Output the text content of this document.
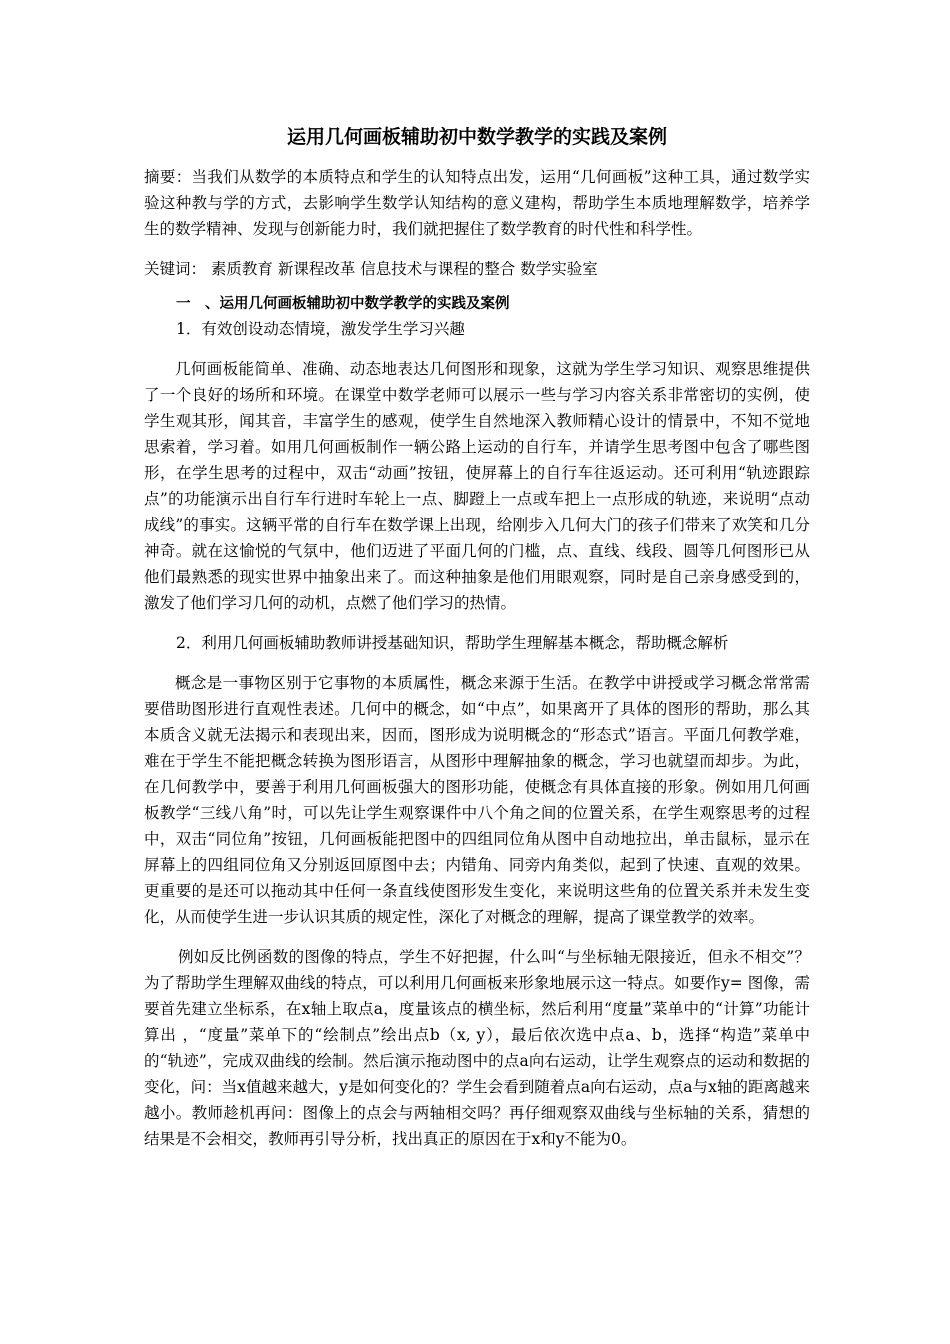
运用几何画板辅助初中数学教学的实践及案例

摘要：当我们从数学的本质特点和学生的认知特点出发，运用“几何画板”这种工具，通过数学实验这种教与学的方式，去影响学生数学认知结构的意义建构，帮助学生本质地理解数学，培养学生的数学精神、发现与创新能力时，我们就把握住了数学教育的时代性和科学性。

关键词： 素质教育 新课程改革 信息技术与课程的整合 数学实验室

一　、运用几何画板辅助初中数学教学的实践及案例

1．有效创设动态情境，激发学生学习兴趣

几何画板能简单、准确、动态地表达几何图形和现象，这就为学生学习知识、观察思维提供了一个良好的场所和环境。在课堂中数学老师可以展示一些与学习内容关系非常密切的实例，使学生观其形，闻其音，丰富学生的感观，使学生自然地深入教师精心设计的情景中，不知不觉地思索着，学习着。如用几何画板制作一辆公路上运动的自行车，并请学生思考图中包含了哪些图形，在学生思考的过程中，双击“动画”按钮，使屏幕上的自行车往返运动。还可利用“轨迹跟踪点”的功能演示出自行车行进时车轮上一点、脚蹬上一点或车把上一点形成的轨迹，来说明“点动成线”的事实。这辆平常的自行车在数学课上出现，给刚步入几何大门的孩子们带来了欢笑和几分神奇。就在这愉悦的气氛中，他们迈进了平面几何的门槛，点、直线、线段、圆等几何图形已从他们最熟悉的现实世界中抽象出来了。而这种抽象是他们用眼观察，同时是自己亲身感受到的，激发了他们学习几何的动机，点燃了他们学习的热情。

2．利用几何画板辅助教师讲授基础知识，帮助学生理解基本概念，帮助概念解析

概念是一事物区别于它事物的本质属性，概念来源于生活。在教学中讲授或学习概念常常需要借助图形进行直观性表述。几何中的概念，如“中点”，如果离开了具体的图形的帮助，那么其本质含义就无法揭示和表现出来，因而，图形成为说明概念的“形态式”语言。平面几何教学难，难在于学生不能把概念转换为图形语言，从图形中理解抽象的概念，学习也就望而却步。为此，在几何教学中，要善于利用几何画板强大的图形功能，使概念有具体直接的形象。例如用几何画板教学“三线八角”时，可以先让学生观察课件中八个角之间的位置关系，在学生观察思考的过程中，双击“同位角”按钮，几何画板能把图中的四组同位角从图中自动地拉出，单击鼠标，显示在屏幕上的四组同位角又分别返回原图中去；内错角、同旁内角类似，起到了快速、直观的效果。更重要的是还可以拖动其中任何一条直线使图形发生变化，来说明这些角的位置关系并未发生变化，从而使学生进一步认识其质的规定性，深化了对概念的理解，提高了课堂教学的效率。

例如反比例函数的图像的特点，学生不好把握，什么叫“与坐标轴无限接近，但永不相交”？为了帮助学生理解双曲线的特点，可以利用几何画板来形象地展示这一特点。如要作y= 图像，需要首先建立坐标系，在x轴上取点a，度量该点的横坐标，然后利用“度量”菜单中的“计算”功能计算出 ，“度量”菜单下的“绘制点”绘出点b（x, y），最后依次选中点a、b，选择“构造”菜单中的“轨迹”，完成双曲线的绘制。然后演示拖动图中的点a向右运动，让学生观察点的运动和数据的变化，问：当x值越来越大，y是如何变化的？学生会看到随着点a向右运动，点a与x轴的距离越来越小。教师趁机再问：图像上的点会与两轴相交吗？再仔细观察双曲线与坐标轴的关系，猜想的结果是不会相交，教师再引导分析，找出真正的原因在于x和y不能为0。
